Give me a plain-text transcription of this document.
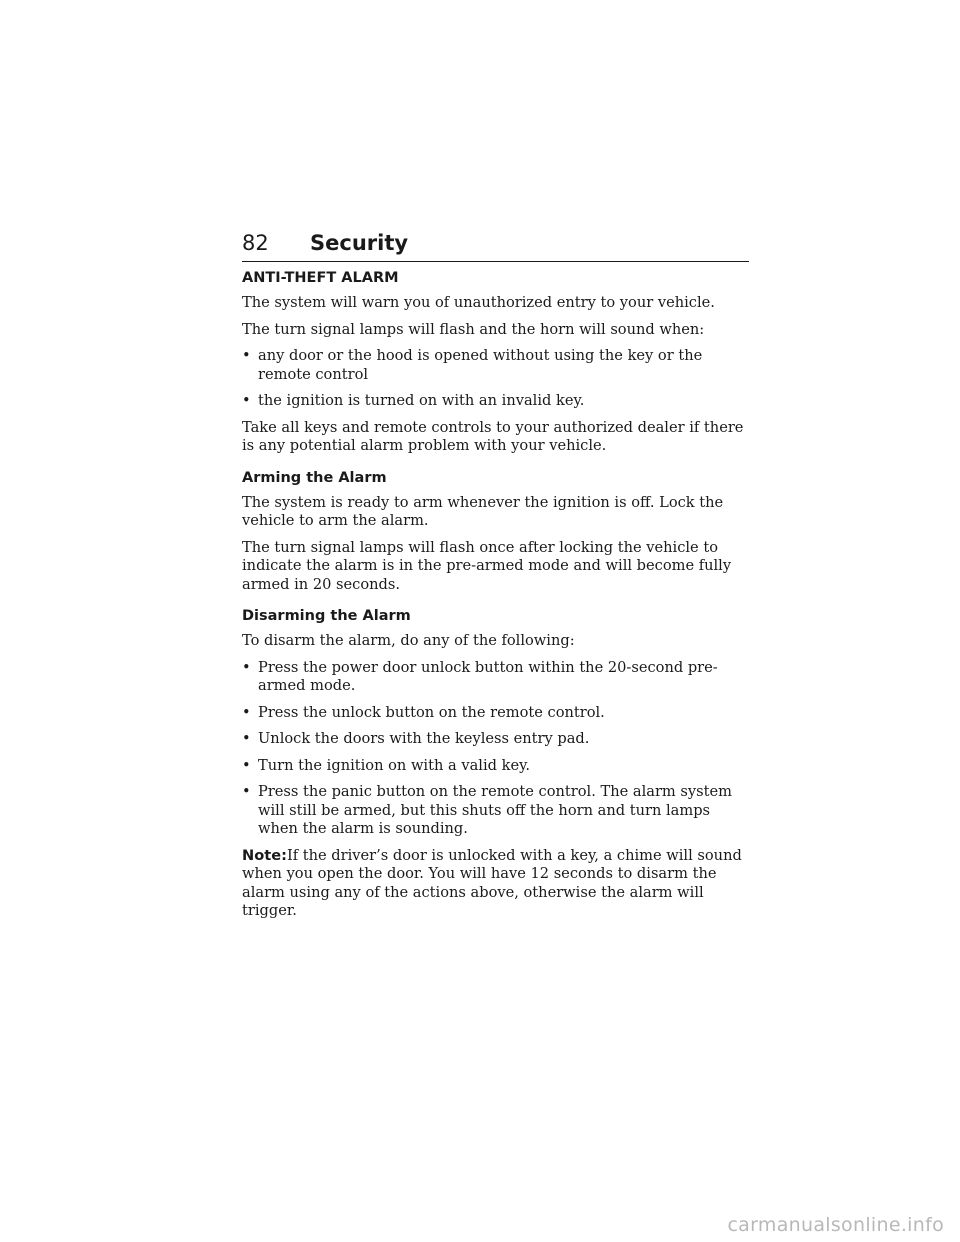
82 Security
ANTI-THEFT ALARM

The system will warn you of unauthorized entry to your vehicle.

The turn signal lamps will flash and the horn will sound when:

• any door or the hood is opened without using the key or the remote control
• the ignition is turned on with an invalid key.

Take all keys and remote controls to your authorized dealer if there is any potential alarm problem with your vehicle.

Arming the Alarm

The system is ready to arm whenever the ignition is off. Lock the vehicle to arm the alarm.

The turn signal lamps will flash once after locking the vehicle to indicate the alarm is in the pre-armed mode and will become fully armed in 20 seconds.

Disarming the Alarm

To disarm the alarm, do any of the following:

• Press the power door unlock button within the 20-second pre-armed mode.
• Press the unlock button on the remote control.
• Unlock the doors with the keyless entry pad.
• Turn the ignition on with a valid key.
• Press the panic button on the remote control. The alarm system will still be armed, but this shuts off the horn and turn lamps when the alarm is sounding.

Note:If the driver’s door is unlocked with a key, a chime will sound when you open the door. You will have 12 seconds to disarm the alarm using any of the actions above, otherwise the alarm will trigger.

carmanualsonline.info
